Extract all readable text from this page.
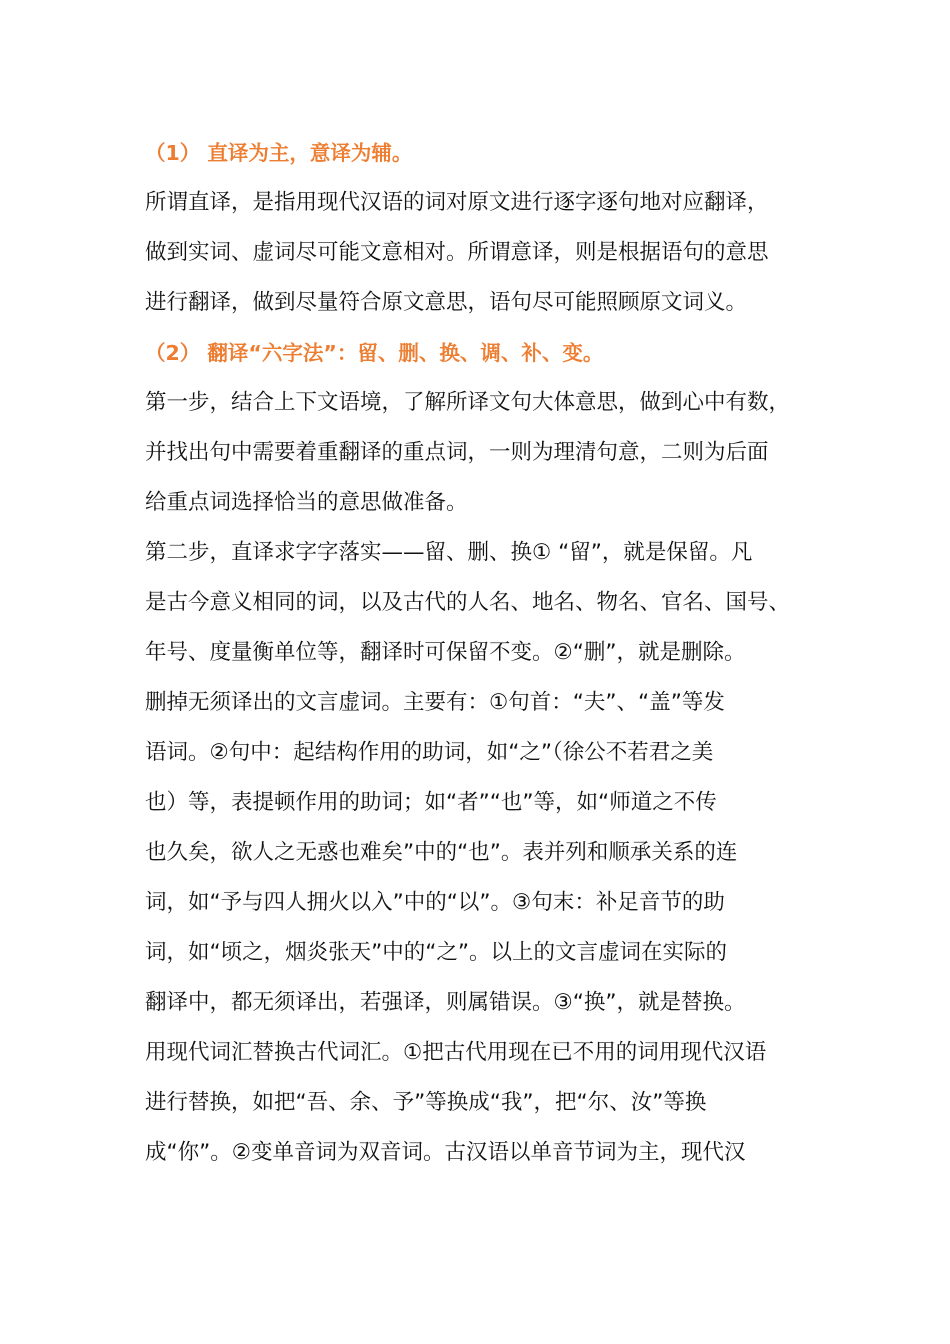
（1） 直译为主，意译为辅。
所谓直译，是指用现代汉语的词对原文进行逐字逐句地对应翻译，
做到实词、虚词尽可能文意相对。所谓意译，则是根据语句的意思
进行翻译，做到尽量符合原文意思，语句尽可能照顾原文词义。
（2） 翻译“六字法”：留、删、换、调、补、变。
第一步，结合上下文语境，了解所译文句大体意思，做到心中有数，
并找出句中需要着重翻译的重点词，一则为理清句意，二则为后面
给重点词选择恰当的意思做准备。
第二步，直译求字字落实——留、删、换① “留”，就是保留。凡
是古今意义相同的词，以及古代的人名、地名、物名、官名、国号、
年号、度量衡单位等，翻译时可保留不变。②“删”，就是删除。
删掉无须译出的文言虚词。主要有：①句首：“夫”、“盖”等发
语词。②句中：起结构作用的助词，如“之”（徐公不若君之美
也）等，表提顿作用的助词；如“者”“也”等，如“师道之不传
也久矣，欲人之无惑也难矣”中的“也”。表并列和顺承关系的连
词，如“予与四人拥火以入”中的“以”。③句末：补足音节的助
词，如“顷之，烟炎张天”中的“之”。以上的文言虚词在实际的
翻译中，都无须译出，若强译，则属错误。③“换”，就是替换。
用现代词汇替换古代词汇。①把古代用现在已不用的词用现代汉语
进行替换，如把“吾、余、予”等换成“我”，把“尔、汝”等换
成“你”。②变单音词为双音词。古汉语以单音节词为主，现代汉
